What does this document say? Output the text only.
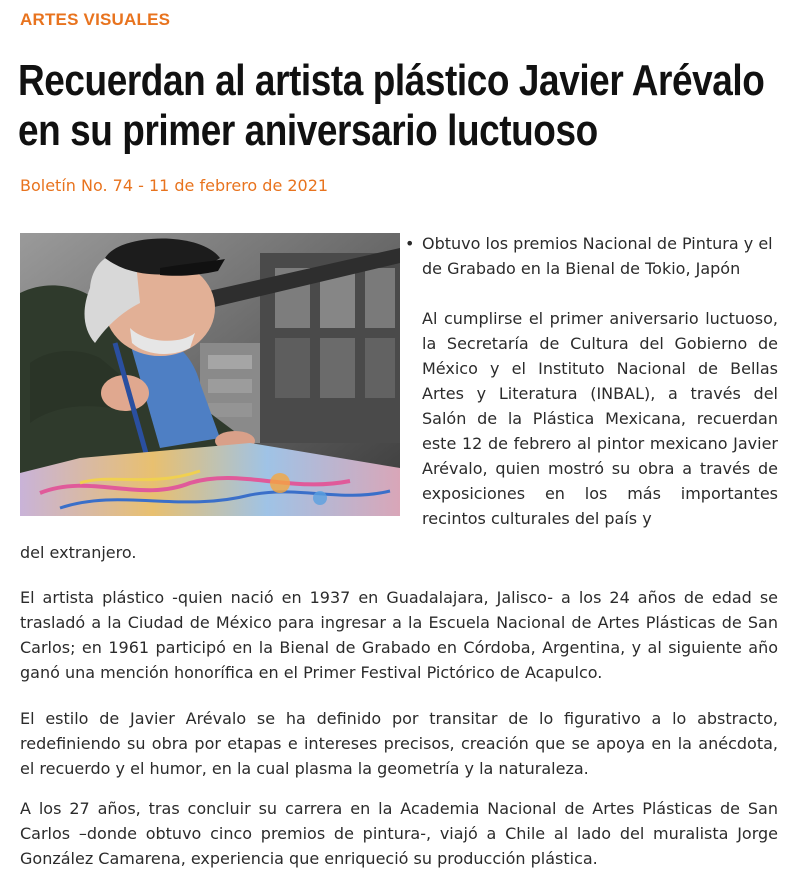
ARTES VISUALES
Recuerdan al artista plástico Javier Arévalo en su primer aniversario luctuoso
Boletín No. 74 - 11 de febrero de 2021
• Obtuvo los premios Nacional de Pintura y el de Grabado en la Bienal de Tokio, Japón
Al cumplirse el primer aniversario luctuoso, la Secretaría de Cultura del Gobierno de México y el Instituto Nacional de Bellas Artes y Literatura (INBAL), a través del Salón de la Plástica Mexicana, recuerdan este 12 de febrero al pintor mexicano Javier Arévalo, quien mostró su obra a través de exposiciones en los más importantes recintos culturales del país y
del extranjero.
El artista plástico -quien nació en 1937 en Guadalajara, Jalisco- a los 24 años de edad se trasladó a la Ciudad de México para ingresar a la Escuela Nacional de Artes Plásticas de San Carlos; en 1961 participó en la Bienal de Grabado en Córdoba, Argentina, y al siguiente año ganó una mención honorífica en el Primer Festival Pictórico de Acapulco.
El estilo de Javier Arévalo se ha definido por transitar de lo figurativo a lo abstracto, redefiniendo su obra por etapas e intereses precisos, creación que se apoya en la anécdota, el recuerdo y el humor, en la cual plasma la geometría y la naturaleza.
A los 27 años, tras concluir su carrera en la Academia Nacional de Artes Plásticas de San Carlos –donde obtuvo cinco premios de pintura-, viajó a Chile al lado del muralista Jorge González Camarena, experiencia que enriqueció su producción plástica.
